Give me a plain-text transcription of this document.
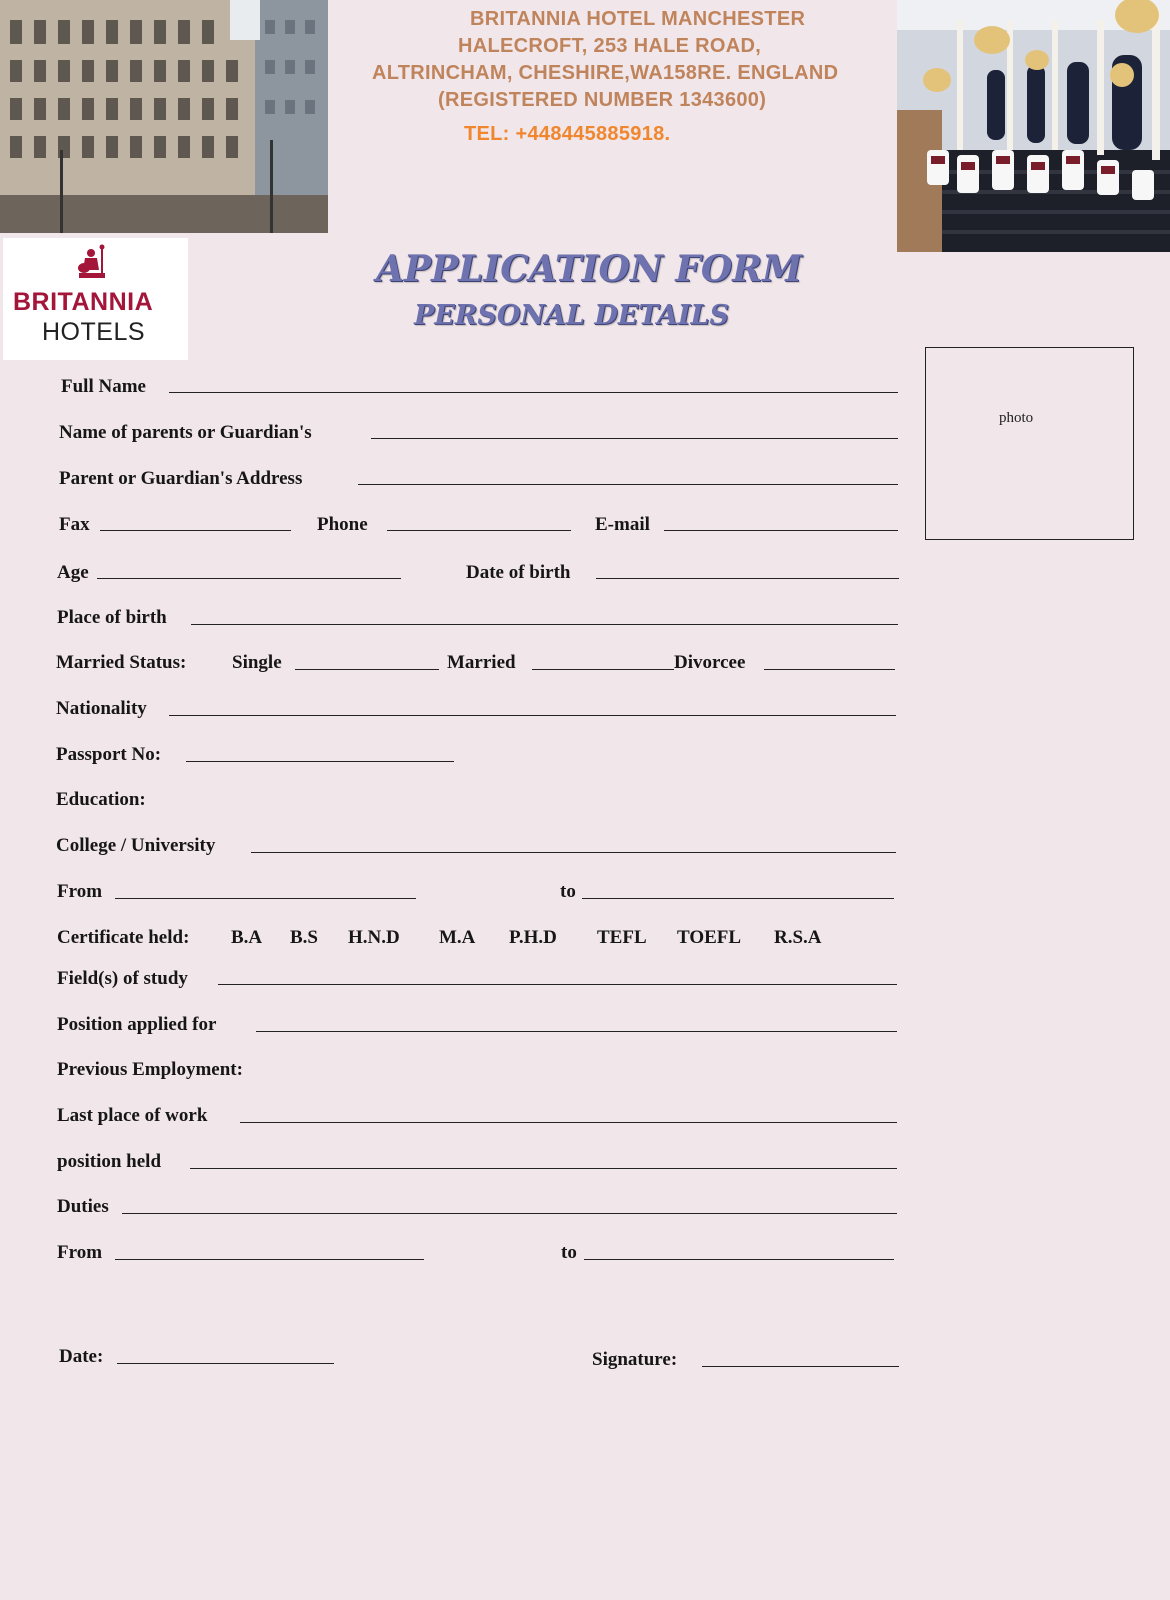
BRITANNIA HOTEL MANCHESTER
HALECROFT, 253 HALE ROAD,
ALTRINCHAM, CHESHIRE,WA158RE. ENGLAND
(REGISTERED NUMBER 1343600)
TEL: +448445885918.
BRITANNIA
HOTELS
APPLICATION FORM
PERSONAL DETAILS
photo
Full Name
Name of parents or Guardian's
Parent or Guardian's Address
Fax	Phone	E-mail
Age	Date of birth
Place of birth
Married Status: Single	Married	Divorcee
Nationality
Passport No:
Education:
College / University
From	to
Certificate held: B.A B.S H.N.D M.A P.H.D TEFL TOEFL R.S.A
Field(s) of study
Position applied for
Previous Employment:
Last place of work
position held
Duties
From	to
Date:	Signature:
